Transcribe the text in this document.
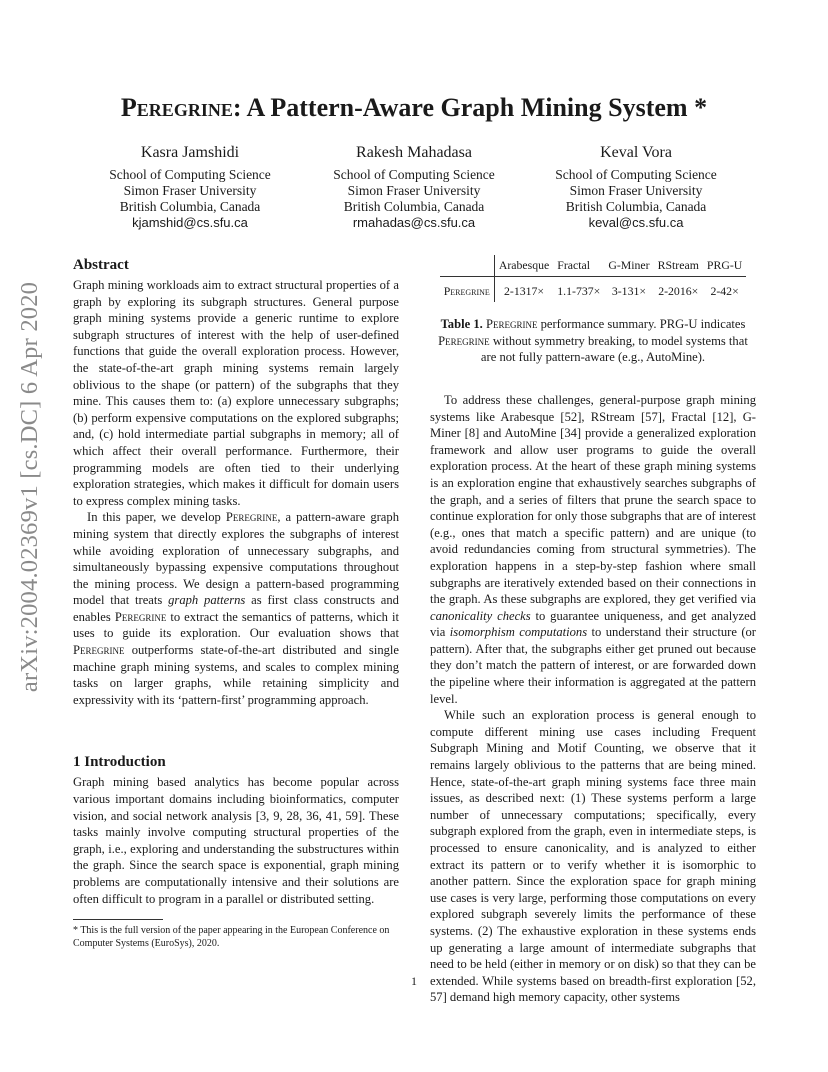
arXiv:2004.02369v1 [cs.DC] 6 Apr 2020
Peregrine: A Pattern-Aware Graph Mining System *
Kasra Jamshidi
School of Computing Science
Simon Fraser University
British Columbia, Canada
kjamshid@cs.sfu.ca
Rakesh Mahadasa
School of Computing Science
Simon Fraser University
British Columbia, Canada
rmahadas@cs.sfu.ca
Keval Vora
School of Computing Science
Simon Fraser University
British Columbia, Canada
keval@cs.sfu.ca
Abstract

Graph mining workloads aim to extract structural properties of a graph by exploring its subgraph structures. General purpose graph mining systems provide a generic runtime to explore subgraph structures of interest with the help of user-defined functions that guide the overall exploration process. However, the state-of-the-art graph mining systems remain largely oblivious to the shape (or pattern) of the subgraphs that they mine. This causes them to: (a) explore unnecessary subgraphs; (b) perform expensive computations on the explored subgraphs; and, (c) hold intermediate partial subgraphs in memory; all of which affect their overall performance. Furthermore, their programming models are often tied to their underlying exploration strategies, which makes it difficult for domain users to express complex mining tasks.

In this paper, we develop Peregrine, a pattern-aware graph mining system that directly explores the subgraphs of interest while avoiding exploration of unnecessary subgraphs, and simultaneously bypassing expensive computations throughout the mining process. We design a pattern-based programming model that treats graph patterns as first class constructs and enables Peregrine to extract the semantics of patterns, which it uses to guide its exploration. Our evaluation shows that Peregrine outperforms state-of-the-art distributed and single machine graph mining systems, and scales to complex mining tasks on larger graphs, while retaining simplicity and expressivity with its ‘pattern-first’ programming approach.

1 Introduction

Graph mining based analytics has become popular across various important domains including bioinformatics, computer vision, and social network analysis [3, 9, 28, 36, 41, 59]. These tasks mainly involve computing structural properties of the graph, i.e., exploring and understanding the substructures within the graph. Since the search space is exponential, graph mining problems are computationally intensive and their solutions are often difficult to program in a parallel or distributed setting.

* This is the full version of the paper appearing in the European Conference on Computer Systems (EuroSys), 2020.
	Arabesque	Fractal	G-Miner	RStream	PRG-U
Peregrine	2-1317×	1.1-737×	3-131×	2-2016×	2-42×
Table 1. Peregrine performance summary. PRG-U indicates Peregrine without symmetry breaking, to model systems that are not fully pattern-aware (e.g., AutoMine).

To address these challenges, general-purpose graph mining systems like Arabesque [52], RStream [57], Fractal [12], G-Miner [8] and AutoMine [34] provide a generalized exploration framework and allow user programs to guide the overall exploration process. At the heart of these graph mining systems is an exploration engine that exhaustively searches subgraphs of the graph, and a series of filters that prune the search space to continue exploration for only those subgraphs that are of interest (e.g., ones that match a specific pattern) and are unique (to avoid redundancies coming from structural symmetries). The exploration happens in a step-by-step fashion where small subgraphs are iteratively extended based on their connections in the graph. As these subgraphs are explored, they get verified via canonicality checks to guarantee uniqueness, and get analyzed via isomorphism computations to understand their structure (or pattern). After that, the subgraphs either get pruned out because they don’t match the pattern of interest, or are forwarded down the pipeline where their information is aggregated at the pattern level.

While such an exploration process is general enough to compute different mining use cases including Frequent Subgraph Mining and Motif Counting, we observe that it remains largely oblivious to the patterns that are being mined. Hence, state-of-the-art graph mining systems face three main issues, as described next: (1) These systems perform a large number of unnecessary computations; specifically, every subgraph explored from the graph, even in intermediate steps, is processed to ensure canonicality, and is analyzed to either extract its pattern or to verify whether it is isomorphic to another pattern. Since the exploration space for graph mining use cases is very large, performing those computations on every explored subgraph severely limits the performance of these systems. (2) The exhaustive exploration in these systems ends up generating a large amount of intermediate subgraphs that need to be held (either in memory or on disk) so that they can be extended. While systems based on breadth-first exploration [52, 57] demand high memory capacity, other systems

1
